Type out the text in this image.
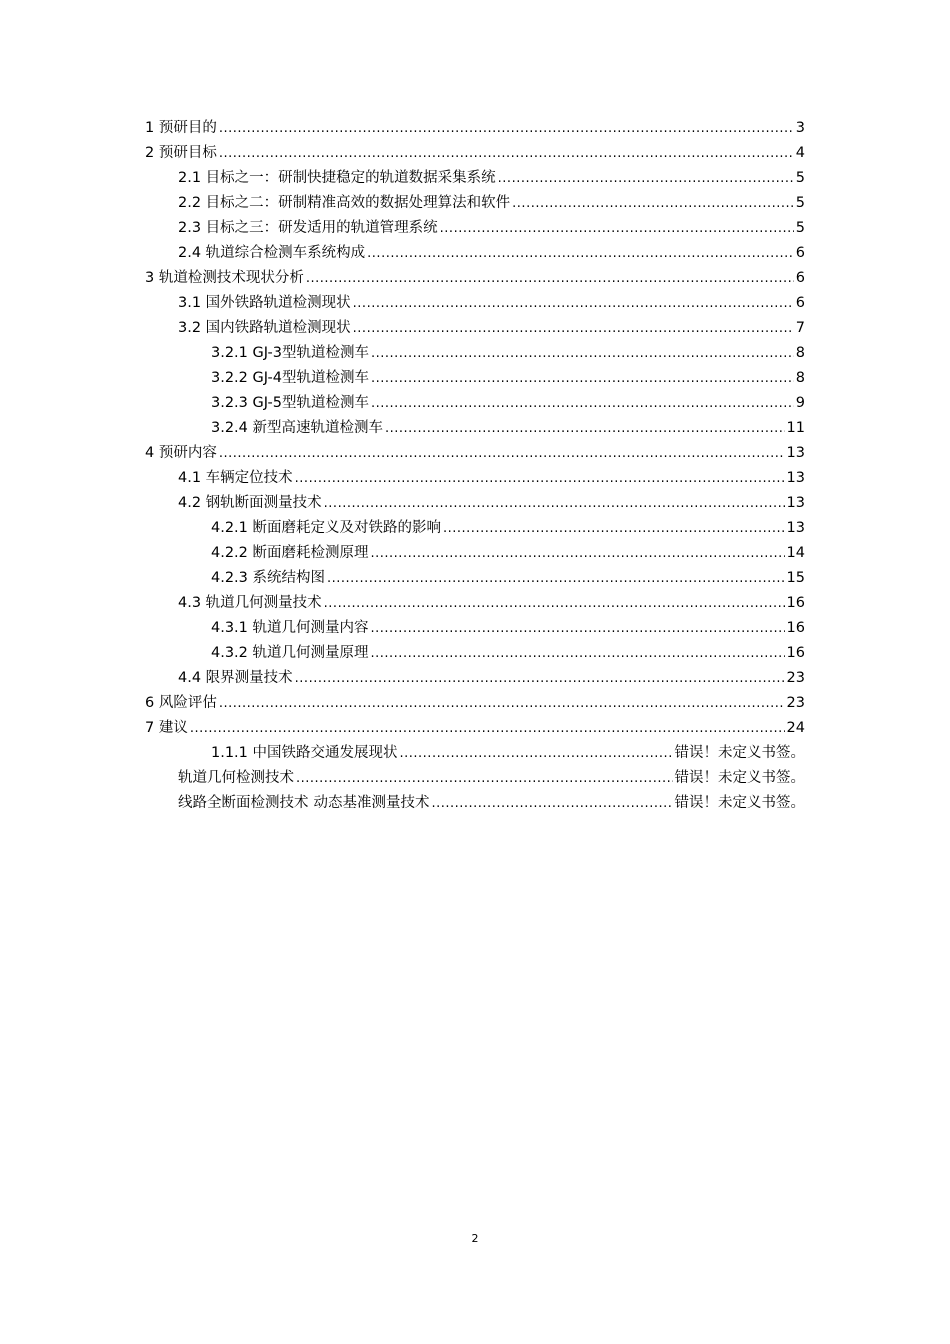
1 预研目的 .....	3
2 预研目标 .....	4
2.1 目标之一：研制快捷稳定的轨道数据采集系统 .....	5
2.2 目标之二：研制精准高效的数据处理算法和软件 .....	5
2.3 目标之三：研发适用的轨道管理系统 .....	5
2.4 轨道综合检测车系统构成 .....	6
3 轨道检测技术现状分析 .....	6
3.1 国外铁路轨道检测现状 .....	6
3.2 国内铁路轨道检测现状 .....	7
3.2.1 GJ-3型轨道检测车 .....	8
3.2.2 GJ-4型轨道检测车 .....	8
3.2.3 GJ-5型轨道检测车 .....	9
3.2.4 新型高速轨道检测车 .....	11
4 预研内容 .....	13
4.1 车辆定位技术 .....	13
4.2 钢轨断面测量技术 .....	13
4.2.1 断面磨耗定义及对铁路的影响 .....	13
4.2.2 断面磨耗检测原理 .....	14
4.2.3 系统结构图 .....	15
4.3 轨道几何测量技术 .....	16
4.3.1 轨道几何测量内容 .....	16
4.3.2 轨道几何测量原理 .....	16
4.4 限界测量技术 .....	23
6 风险评估 .....	23
7 建议 .....	24
1.1.1 中国铁路交通发展现状 .....	错误！未定义书签。
轨道几何检测技术 .....	错误！未定义书签。
线路全断面检测技术 动态基准测量技术 .....	错误！未定义书签。
2
